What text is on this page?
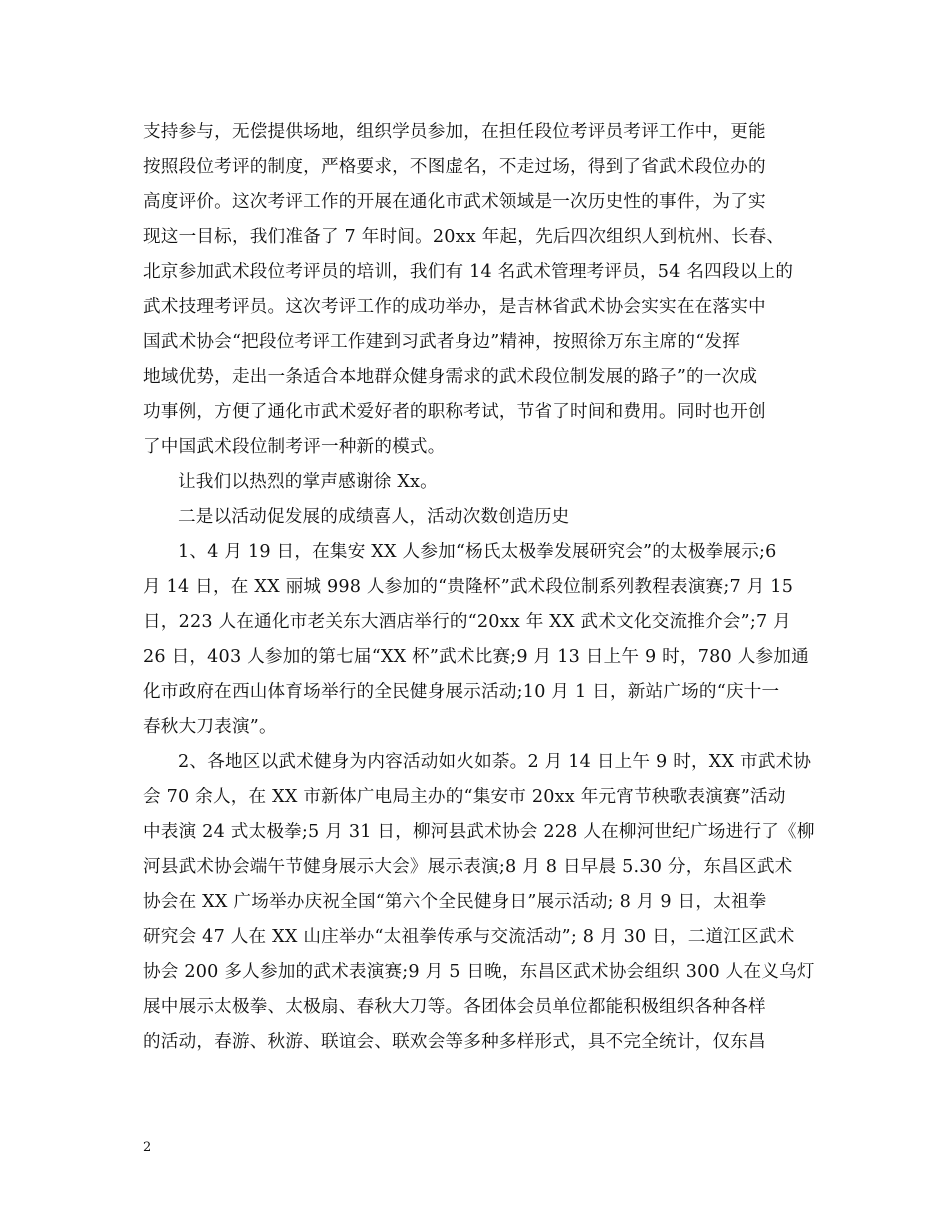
支持参与，无偿提供场地，组织学员参加，在担任段位考评员考评工作中，更能
按照段位考评的制度，严格要求，不图虚名，不走过场，得到了省武术段位办的
高度评价。这次考评工作的开展在通化市武术领域是一次历史性的事件，为了实
现这一目标，我们准备了 7 年时间。20xx 年起，先后四次组织人到杭州、长春、
北京参加武术段位考评员的培训，我们有 14 名武术管理考评员，54 名四段以上的
武术技理考评员。这次考评工作的成功举办，是吉林省武术协会实实在在落实中
国武术协会“把段位考评工作建到习武者身边”精神，按照徐万东主席的“发挥
地域优势，走出一条适合本地群众健身需求的武术段位制发展的路子”的一次成
功事例，方便了通化市武术爱好者的职称考试，节省了时间和费用。同时也开创
了中国武术段位制考评一种新的模式。
让我们以热烈的掌声感谢徐 Xx。
二是以活动促发展的成绩喜人，活动次数创造历史
1、4 月 19 日，在集安 XX 人参加“杨氏太极拳发展研究会”的太极拳展示;6
月 14 日，在 XX 丽城 998 人参加的“贵隆杯”武术段位制系列教程表演赛;7 月 15
日，223 人在通化市老关东大酒店举行的“20xx 年 XX 武术文化交流推介会”;7 月
26 日，403 人参加的第七届“XX 杯”武术比赛;9 月 13 日上午 9 时，780 人参加通
化市政府在西山体育场举行的全民健身展示活动;10 月 1 日，新站广场的“庆十一
春秋大刀表演”。
2、各地区以武术健身为内容活动如火如荼。2 月 14 日上午 9 时，XX 市武术协
会 70 余人，在 XX 市新体广电局主办的“集安市 20xx 年元宵节秧歌表演赛”活动
中表演 24 式太极拳;5 月 31 日，柳河县武术协会 228 人在柳河世纪广场进行了《柳
河县武术协会端午节健身展示大会》展示表演;8 月 8 日早晨 5.30 分，东昌区武术
协会在 XX 广场举办庆祝全国“第六个全民健身日”展示活动; 8 月 9 日，太祖拳
研究会 47 人在 XX 山庄举办“太祖拳传承与交流活动”; 8 月 30 日，二道江区武术
协会 200 多人参加的武术表演赛;9 月 5 日晚，东昌区武术协会组织 300 人在义乌灯
展中展示太极拳、太极扇、春秋大刀等。各团体会员单位都能积极组织各种各样
的活动，春游、秋游、联谊会、联欢会等多种多样形式，具不完全统计，仅东昌
2
